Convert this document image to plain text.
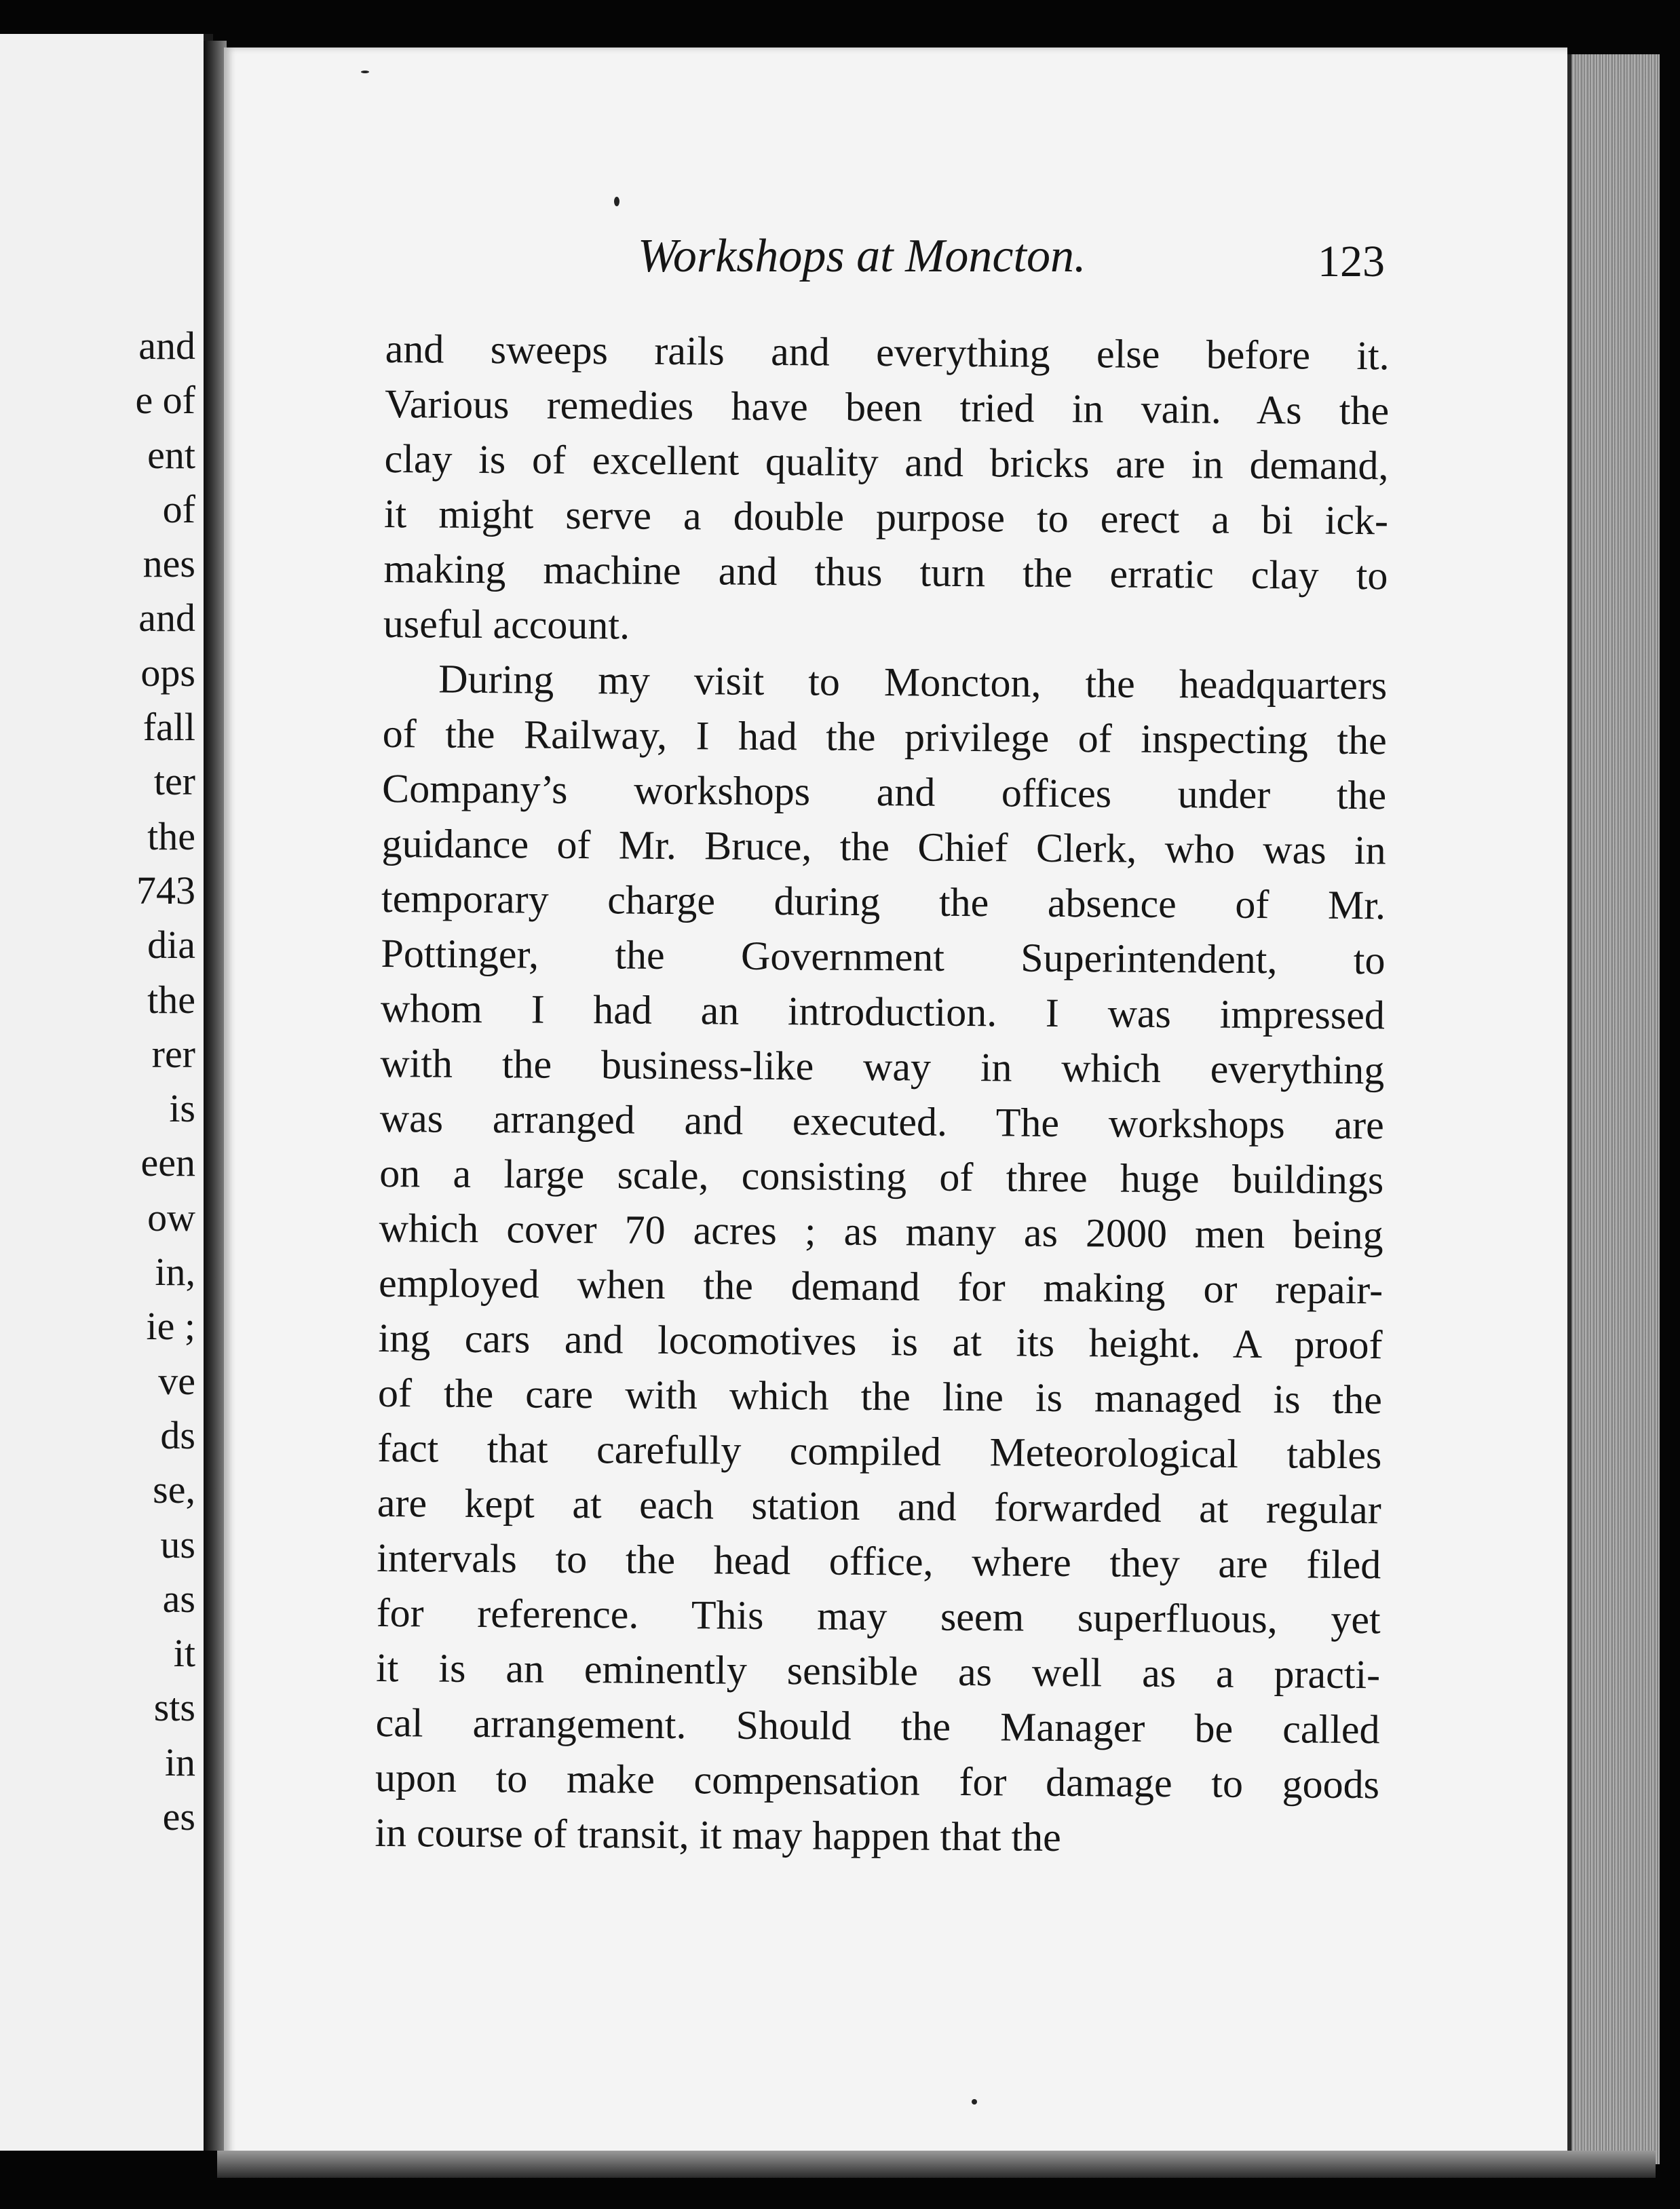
and
e of
ent
of
nes
and
ops
fall
ter
the
743
dia
the
rer
is
een
ow
in,
ie ;
ve
ds
se,
us
as
it
sts
in
es
Workshops at Moncton.	123
and sweeps rails and everything else before it.
Various remedies have been tried in vain. As the
clay is of excellent quality and bricks are in demand,
it might serve a double purpose to erect a bi ick-
making machine and thus turn the erratic clay to
useful account.
During my visit to Moncton, the headquarters
of the Railway, I had the privilege of inspecting the
Company’s workshops and offices under the
guidance of Mr. Bruce, the Chief Clerk, who was in
temporary charge during the absence of Mr.
Pottinger, the Government Superintendent, to
whom I had an introduction. I was impressed
with the business-like way in which everything
was arranged and executed. The workshops are
on a large scale, consisting of three huge buildings
which cover 70 acres ; as many as 2000 men being
employed when the demand for making or repair-
ing cars and locomotives is at its height. A proof
of the care with which the line is managed is the
fact that carefully compiled Meteorological tables
are kept at each station and forwarded at regular
intervals to the head office, where they are filed
for reference. This may seem superfluous, yet
it is an eminently sensible as well as a practi-
cal arrangement. Should the Manager be called
upon to make compensation for damage to goods
in course of transit, it may happen that the
